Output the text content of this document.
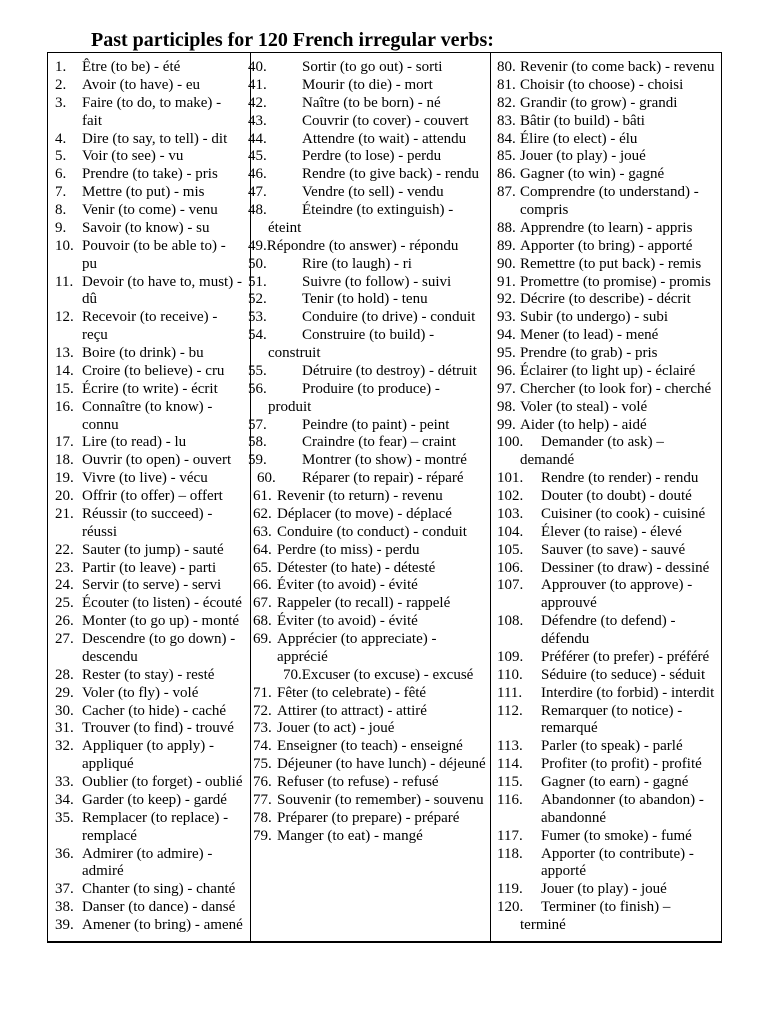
Past participles for 120 French irregular verbs:
1. Être (to be) - été
2. Avoir (to have) - eu
3. Faire (to do, to make) -
fait
4. Dire (to say, to tell) - dit
5. Voir (to see) - vu
6. Prendre (to take) - pris
7. Mettre (to put) - mis
8. Venir (to come) - venu
9. Savoir (to know) - su
10. Pouvoir (to be able to) -
pu
11. Devoir (to have to, must) -
dû
12. Recevoir (to receive) -
reçu
13. Boire (to drink) - bu
14. Croire (to believe) - cru
15. Écrire (to write) - écrit
16. Connaître (to know) -
connu
17. Lire (to read) - lu
18. Ouvrir (to open) - ouvert
19. Vivre (to live) - vécu
20. Offrir (to offer) – offert
21. Réussir (to succeed) -
réussi
22. Sauter (to jump) - sauté
23. Partir (to leave) - parti
24. Servir (to serve) - servi
25. Écouter (to listen) - écouté
26. Monter (to go up) - monté
27. Descendre (to go down) -
descendu
28. Rester (to stay) - resté
29. Voler (to fly) - volé
30. Cacher (to hide) - caché
31. Trouver (to find) - trouvé
32. Appliquer (to apply) -
appliqué
33. Oublier (to forget) - oublié
34. Garder (to keep) - gardé
35. Remplacer (to replace) -
remplacé
36. Admirer (to admire) -
admiré
37. Chanter (to sing) - chanté
38. Danser (to dance) - dansé
39. Amener (to bring) - amené
40. Sortir (to go out) - sorti
41. Mourir (to die) - mort
42. Naître (to be born) - né
43. Couvrir (to cover) - couvert
44. Attendre (to wait) - attendu
45. Perdre (to lose) - perdu
46. Rendre (to give back) - rendu
47. Vendre (to sell) - vendu
48. Éteindre (to extinguish) -
éteint
49.Répondre (to answer) - répondu
50. Rire (to laugh) - ri
51. Suivre (to follow) - suivi
52. Tenir (to hold) - tenu
53. Conduire (to drive) - conduit
54. Construire (to build) -
construit
55. Détruire (to destroy) - détruit
56. Produire (to produce) -
produit
57. Peindre (to paint) - peint
58. Craindre (to fear) – craint
59. Montrer (to show) - montré
60. Réparer (to repair) - réparé
61. Revenir (to return) - revenu
62. Déplacer (to move) - déplacé
63. Conduire (to conduct) - conduit
64. Perdre (to miss) - perdu
65. Détester (to hate) - détesté
66. Éviter (to avoid) - évité
67. Rappeler (to recall) - rappelé
68. Éviter (to avoid) - évité
69. Apprécier (to appreciate) -
apprécié
70.Excuser (to excuse) - excusé
71. Fêter (to celebrate) - fêté
72. Attirer (to attract) - attiré
73. Jouer (to act) - joué
74. Enseigner (to teach) - enseigné
75. Déjeuner (to have lunch) - déjeuné
76. Refuser (to refuse) - refusé
77. Souvenir (to remember) - souvenu
78. Préparer (to prepare) - préparé
79. Manger (to eat) - mangé
80. Revenir (to come back) - revenu
81. Choisir (to choose) - choisi
82. Grandir (to grow) - grandi
83. Bâtir (to build) - bâti
84. Élire (to elect) - élu
85. Jouer (to play) - joué
86. Gagner (to win) - gagné
87. Comprendre (to understand) -
compris
88. Apprendre (to learn) - appris
89. Apporter (to bring) - apporté
90. Remettre (to put back) - remis
91. Promettre (to promise) - promis
92. Décrire (to describe) - décrit
93. Subir (to undergo) - subi
94. Mener (to lead) - mené
95. Prendre (to grab) - pris
96. Éclairer (to light up) - éclairé
97. Chercher (to look for) - cherché
98. Voler (to steal) - volé
99. Aider (to help) - aidé
100. Demander (to ask) –
demandé
101. Rendre (to render) - rendu
102. Douter (to doubt) - douté
103. Cuisiner (to cook) - cuisiné
104. Élever (to raise) - élevé
105. Sauver (to save) - sauvé
106. Dessiner (to draw) - dessiné
107. Approuver (to approve) -
approuvé
108. Défendre (to defend) -
défendu
109. Préférer (to prefer) - préféré
110. Séduire (to seduce) - séduit
111. Interdire (to forbid) - interdit
112. Remarquer (to notice) -
remarqué
113. Parler (to speak) - parlé
114. Profiter (to profit) - profité
115. Gagner (to earn) - gagné
116. Abandonner (to abandon) -
abandonné
117. Fumer (to smoke) - fumé
118. Apporter (to contribute) -
apporté
119. Jouer (to play) - joué
120. Terminer (to finish) –
terminé
